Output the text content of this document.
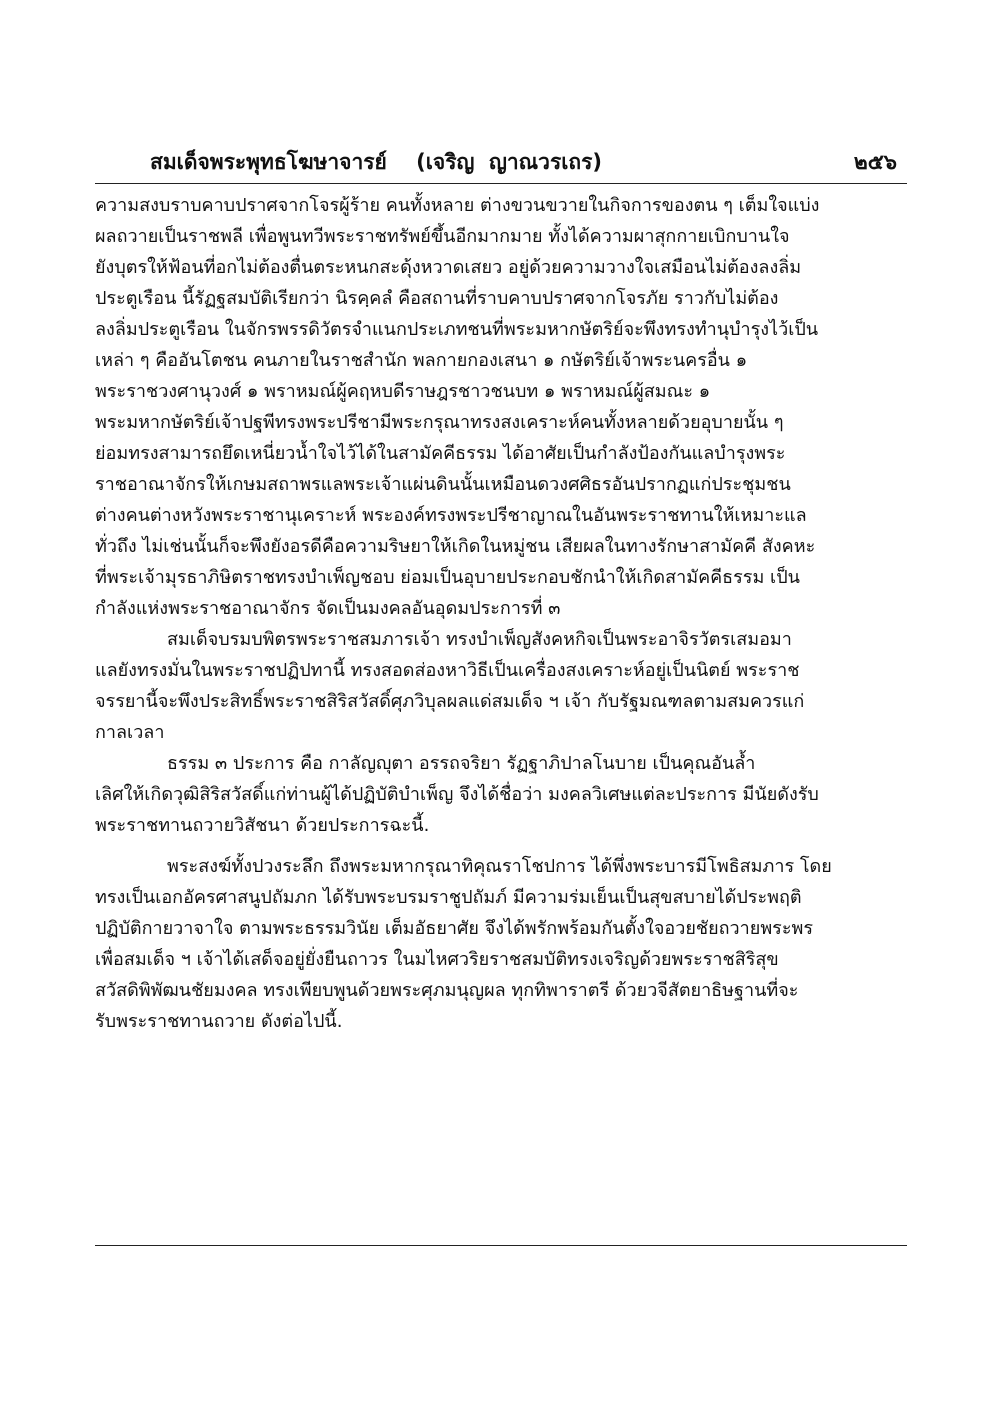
สมเด็จพระพุทธโฆษาจารย์    (เจริญ  ญาณวรเถร)	๒๕๖
ความสงบราบคาบปราศจากโจรผู้ร้าย คนทั้งหลาย ต่างขวนขวายในกิจการของตน ๆ เต็มใจแบ่ง
ผลถวายเป็นราชพลี เพื่อพูนทวีพระราชทรัพย์ขึ้นอีกมากมาย ทั้งได้ความผาสุกกายเบิกบานใจ
ยังบุตรให้ฟ้อนที่อกไม่ต้องตื่นตระหนกสะดุ้งหวาดเสยว อยู่ด้วยความวางใจเสมือนไม่ต้องลงลิ่ม
ประตูเรือน นี้รัฏฐสมบัติเรียกว่า นิรคฺคลํ คือสถานที่ราบคาบปราศจากโจรภัย ราวกับไม่ต้อง
ลงลิ่มประตูเรือน ในจักรพรรดิวัตรจำแนกประเภทชนที่พระมหากษัตริย์จะพึงทรงทำนุบำรุงไว้เป็น
เหล่า ๆ คืออันโตชน คนภายในราชสำนัก พลกายกองเสนา ๑ กษัตริย์เจ้าพระนครอื่น ๑
พระราชวงศานุวงศ์ ๑ พราหมณ์ผู้คฤหบดีราษฎรชาวชนบท ๑ พราหมณ์ผู้สมณะ ๑
พระมหากษัตริย์เจ้าปฐพีทรงพระปรีชามีพระกรุณาทรงสงเคราะห์คนทั้งหลายด้วยอุบายนั้น ๆ
ย่อมทรงสามารถยึดเหนี่ยวน้ำใจไว้ได้ในสามัคคีธรรม ได้อาศัยเป็นกำลังป้องกันแลบำรุงพระ
ราชอาณาจักรให้เกษมสถาพรแลพระเจ้าแผ่นดินนั้นเหมือนดวงศศิธรอันปรากฏแก่ประชุมชน
ต่างคนต่างหวังพระราชานุเคราะห์ พระองค์ทรงพระปรีชาญาณในอันพระราชทานให้เหมาะแล
ทั่วถึง ไม่เช่นนั้นก็จะพึงยังอรดีคือความริษยาให้เกิดในหมู่ชน เสียผลในทางรักษาสามัคคี สังคหะ
ที่พระเจ้ามุรธาภิษิตราชทรงบำเพ็ญชอบ ย่อมเป็นอุบายประกอบชักนำให้เกิดสามัคคีธรรม เป็น
กำลังแห่งพระราชอาณาจักร จัดเป็นมงคลอันอุดมประการที่ ๓
สมเด็จบรมบพิตรพระราชสมภารเจ้า ทรงบำเพ็ญสังคหกิจเป็นพระอาจิรวัตรเสมอมา
แลยังทรงมั่นในพระราชปฏิปทานี้ ทรงสอดส่องหาวิธีเป็นเครื่องสงเคราะห์อยู่เป็นนิตย์ พระราช
จรรยานี้จะพึงประสิทธิ์พระราชสิริสวัสดิ์ศุภวิบุลผลแด่สมเด็จ ฯ เจ้า กับรัฐมณฑลตามสมควรแก่
กาลเวลา
ธรรม ๓ ประการ คือ กาลัญญุตา อรรถจริยา รัฏฐาภิปาลโนบาย เป็นคุณอันล้ำ
เลิศให้เกิดวุฒิสิริสวัสดิ์แก่ท่านผู้ได้ปฏิบัติบำเพ็ญ จึงได้ชื่อว่า มงคลวิเศษแต่ละประการ มีนัยดังรับ
พระราชทานถวายวิสัชนา ด้วยประการฉะนี้.
พระสงฆ์ทั้งปวงระลึก ถึงพระมหากรุณาทิคุณราโชปการ ได้พึ่งพระบารมีโพธิสมภาร โดย
ทรงเป็นเอกอัครศาสนูปถัมภก ได้รับพระบรมราชูปถัมภ์ มีความร่มเย็นเป็นสุขสบายได้ประพฤติ
ปฏิบัติกายวาจาใจ ตามพระธรรมวินัย เต็มอัธยาศัย จึงได้พรักพร้อมกันตั้งใจอวยชัยถวายพระพร
เพื่อสมเด็จ ฯ เจ้าได้เสด็จอยู่ยั่งยืนถาวร ในมไหศวริยราชสมบัติทรงเจริญด้วยพระราชสิริสุข
สวัสดิพิพัฒนชัยมงคล ทรงเพียบพูนด้วยพระศุภมนุญผล ทุกทิพาราตรี ด้วยวจีสัตยาธิษฐานที่จะ
รับพระราชทานถวาย ดังต่อไปนี้.
